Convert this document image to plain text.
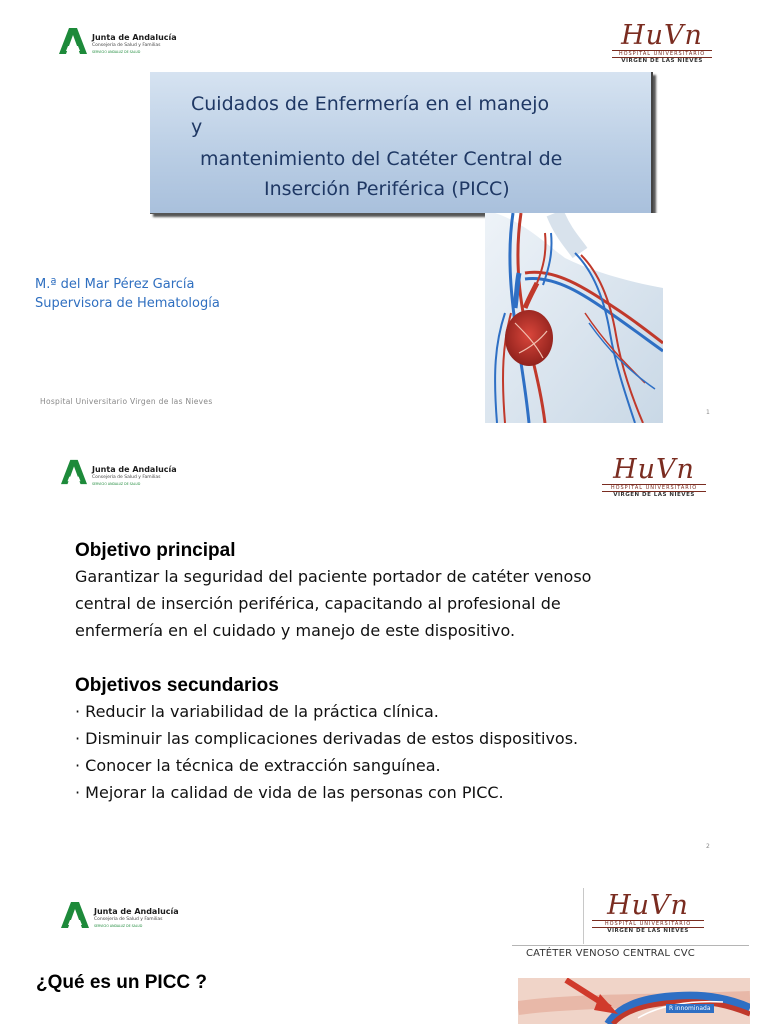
Junta de Andalucía
Consejería de Salud y Familias
SERVICIO ANDALUZ DE SALUD
HuVn
HOSPITAL UNIVERSITARIO
VIRGEN DE LAS NIEVES
Cuidados de Enfermería en el manejo
y
mantenimiento del Catéter Central de
Inserción Periférica (PICC)
M.ª del Mar Pérez García
Supervisora de Hematología
Hospital Universitario Virgen de las Nieves
1
Junta de Andalucía
Consejería de Salud y Familias
SERVICIO ANDALUZ DE SALUD	HuVn
HOSPITAL UNIVERSITARIO
VIRGEN DE LAS NIEVES
Objetivo principal
Garantizar la seguridad del paciente portador de catéter venoso
central de inserción periférica, capacitando al profesional de
enfermería en el cuidado y manejo de este dispositivo.
Objetivos secundarios
· Reducir la variabilidad de la práctica clínica.
· Disminuir las complicaciones derivadas de estos dispositivos.
· Conocer la técnica de extracción sanguínea.
· Mejorar la calidad de vida de las personas con PICC.
2
Junta de Andalucía
Consejería de Salud y Familias
SERVICIO ANDALUZ DE SALUD
HuVn
HOSPITAL UNIVERSITARIO
VIRGEN DE LAS NIEVES
CATÉTER VENOSO CENTRAL CVC
¿Qué es un PICC ?
R innominada
